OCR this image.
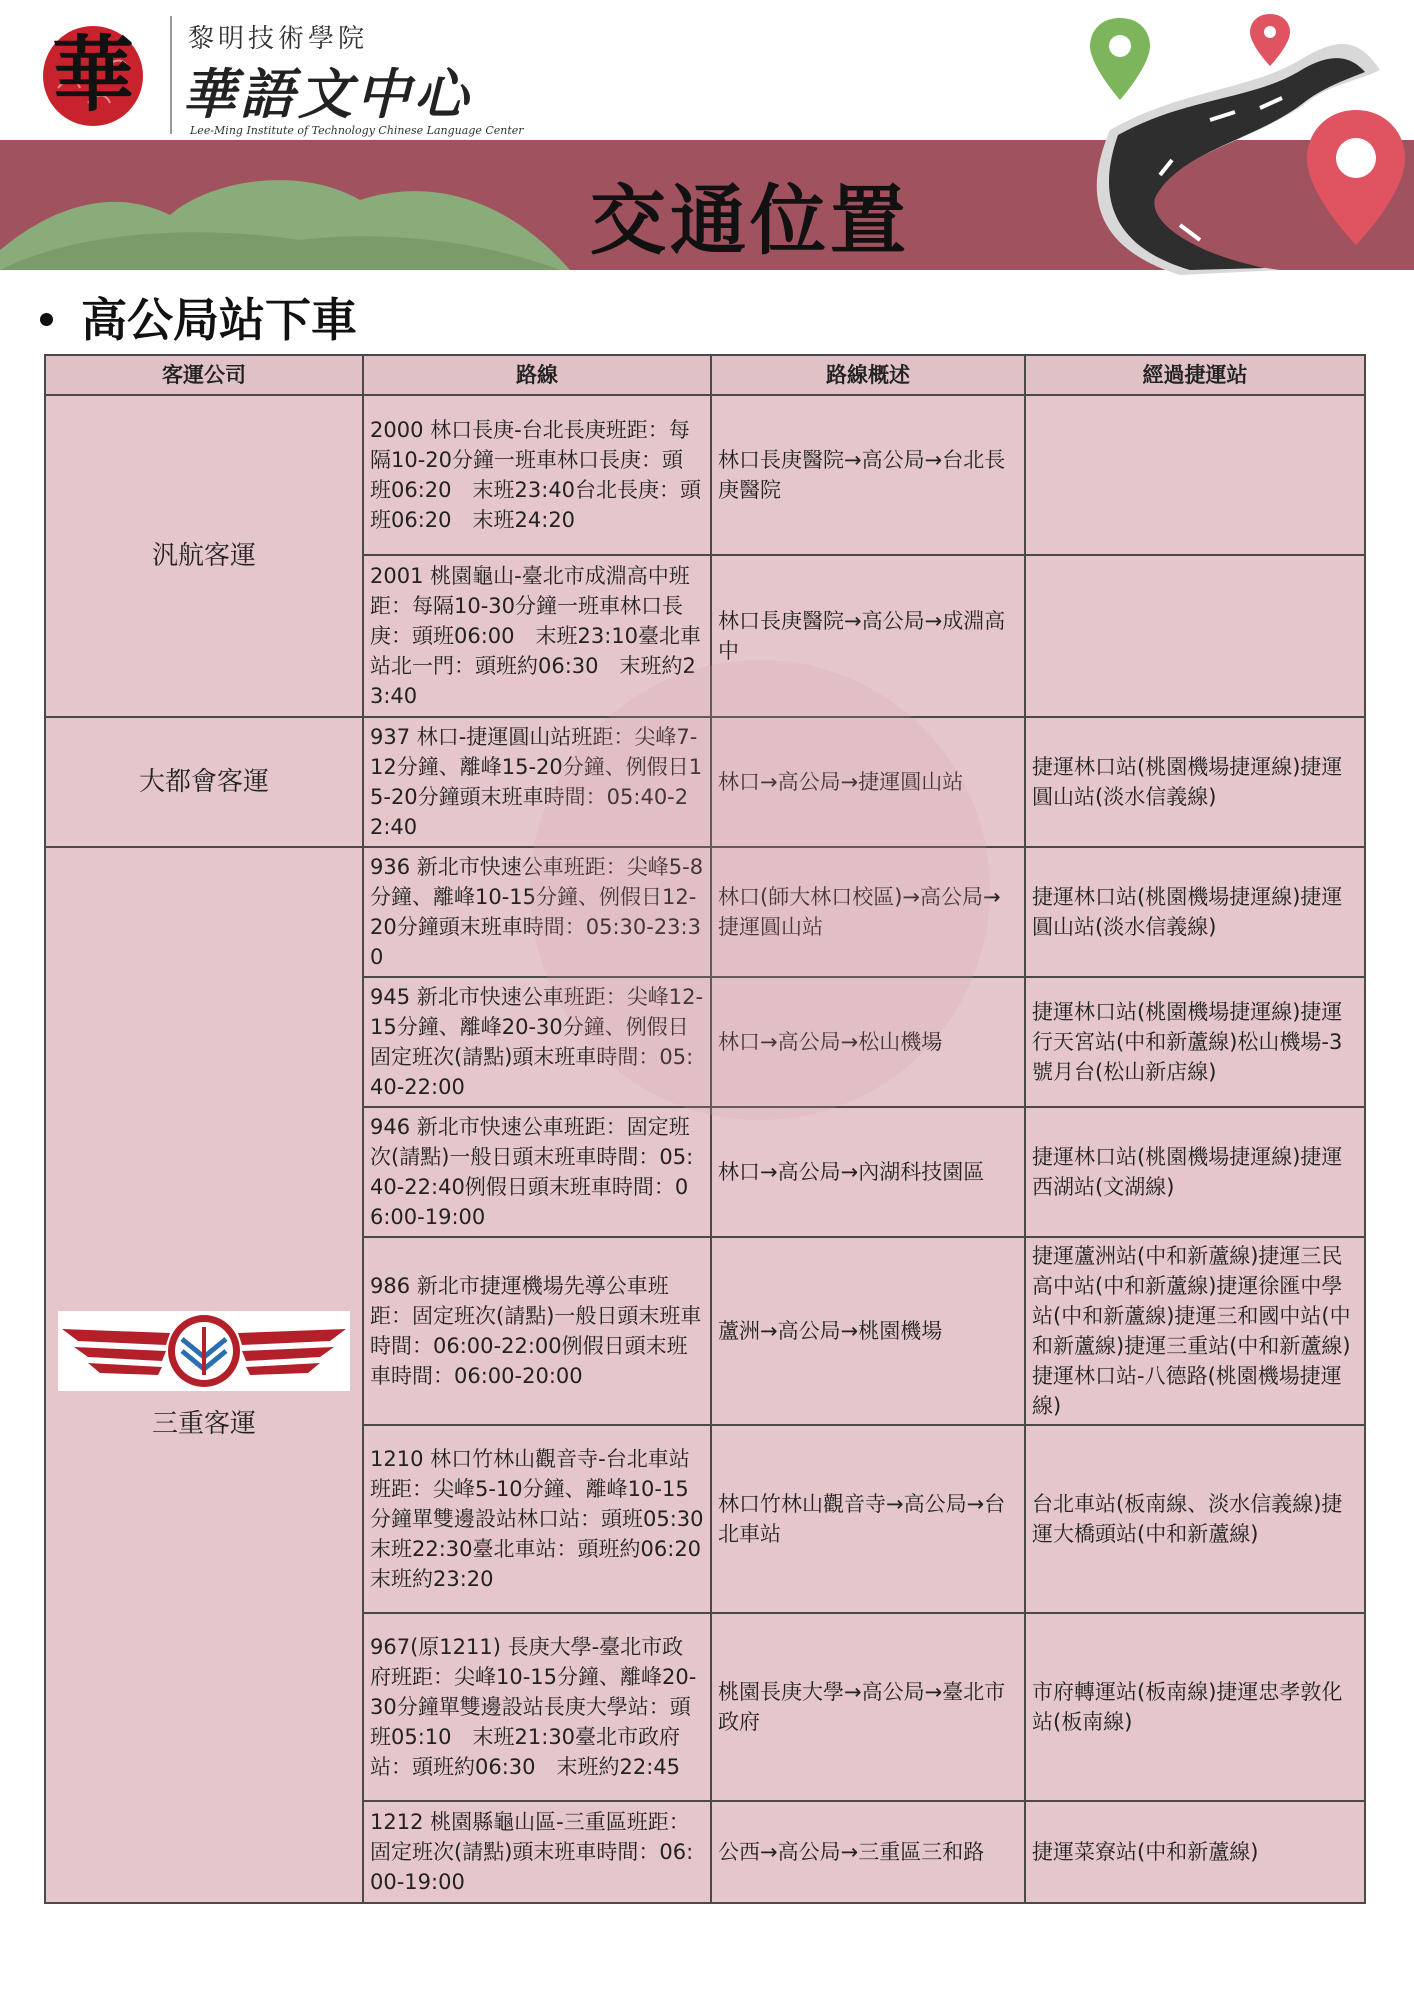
華 黎明技術學院
華語文中心
Lee-Ming Institute of Technology Chinese Language Center
交通位置
高公局站下車
客運公司	路線	路線概述	經過捷運站
汎航客運	2000 林口長庚-台北長庚班距：每隔10-20分鐘一班車林口長庚：頭班06:20　末班23:40台北長庚：頭班06:20　末班24:20	林口長庚醫院→高公局→台北長庚醫院	
	2001 桃園龜山-臺北市成淵高中班距：每隔10-30分鐘一班車林口長庚：頭班06:00　末班23:10臺北車站北一門：頭班約06:30　末班約23:40	林口長庚醫院→高公局→成淵高中	
大都會客運	937 林口-捷運圓山站班距：尖峰7-12分鐘、離峰15-20分鐘、例假日15-20分鐘頭末班車時間：05:40-22:40	林口→高公局→捷運圓山站	捷運林口站(桃園機場捷運線)捷運圓山站(淡水信義線)

三重客運	936 新北市快速公車班距：尖峰5-8分鐘、離峰10-15分鐘、例假日12-20分鐘頭末班車時間：05:30-23:30	林口(師大林口校區)→高公局→捷運圓山站	捷運林口站(桃園機場捷運線)捷運圓山站(淡水信義線)
	945 新北市快速公車班距：尖峰12-15分鐘、離峰20-30分鐘、例假日固定班次(請點)頭末班車時間：05:40-22:00	林口→高公局→松山機場	捷運林口站(桃園機場捷運線)捷運行天宮站(中和新蘆線)松山機場-3號月台(松山新店線)
	946 新北市快速公車班距：固定班次(請點)一般日頭末班車時間：05:40-22:40例假日頭末班車時間：06:00-19:00	林口→高公局→內湖科技園區	捷運林口站(桃園機場捷運線)捷運西湖站(文湖線)
	986 新北市捷運機場先導公車班距：固定班次(請點)一般日頭末班車時間：06:00-22:00例假日頭末班車時間：06:00-20:00	蘆洲→高公局→桃園機場	捷運蘆洲站(中和新蘆線)捷運三民高中站(中和新蘆線)捷運徐匯中學站(中和新蘆線)捷運三和國中站(中和新蘆線)捷運三重站(中和新蘆線)捷運林口站-八德路(桃園機場捷運線)
	1210 林口竹林山觀音寺-台北車站班距：尖峰5-10分鐘、離峰10-15分鐘單雙邊設站林口站：頭班05:30　末班22:30臺北車站：頭班約06:20　末班約23:20	林口竹林山觀音寺→高公局→台北車站	台北車站(板南線、淡水信義線)捷運大橋頭站(中和新蘆線)
	967(原1211) 長庚大學-臺北市政府班距：尖峰10-15分鐘、離峰20-30分鐘單雙邊設站長庚大學站：頭班05:10　末班21:30臺北市政府站：頭班約06:30　末班約22:45	桃園長庚大學→高公局→臺北市政府	市府轉運站(板南線)捷運忠孝敦化站(板南線)
	1212 桃園縣龜山區-三重區班距：固定班次(請點)頭末班車時間：06:00-19:00	公西→高公局→三重區三和路	捷運菜寮站(中和新蘆線)
